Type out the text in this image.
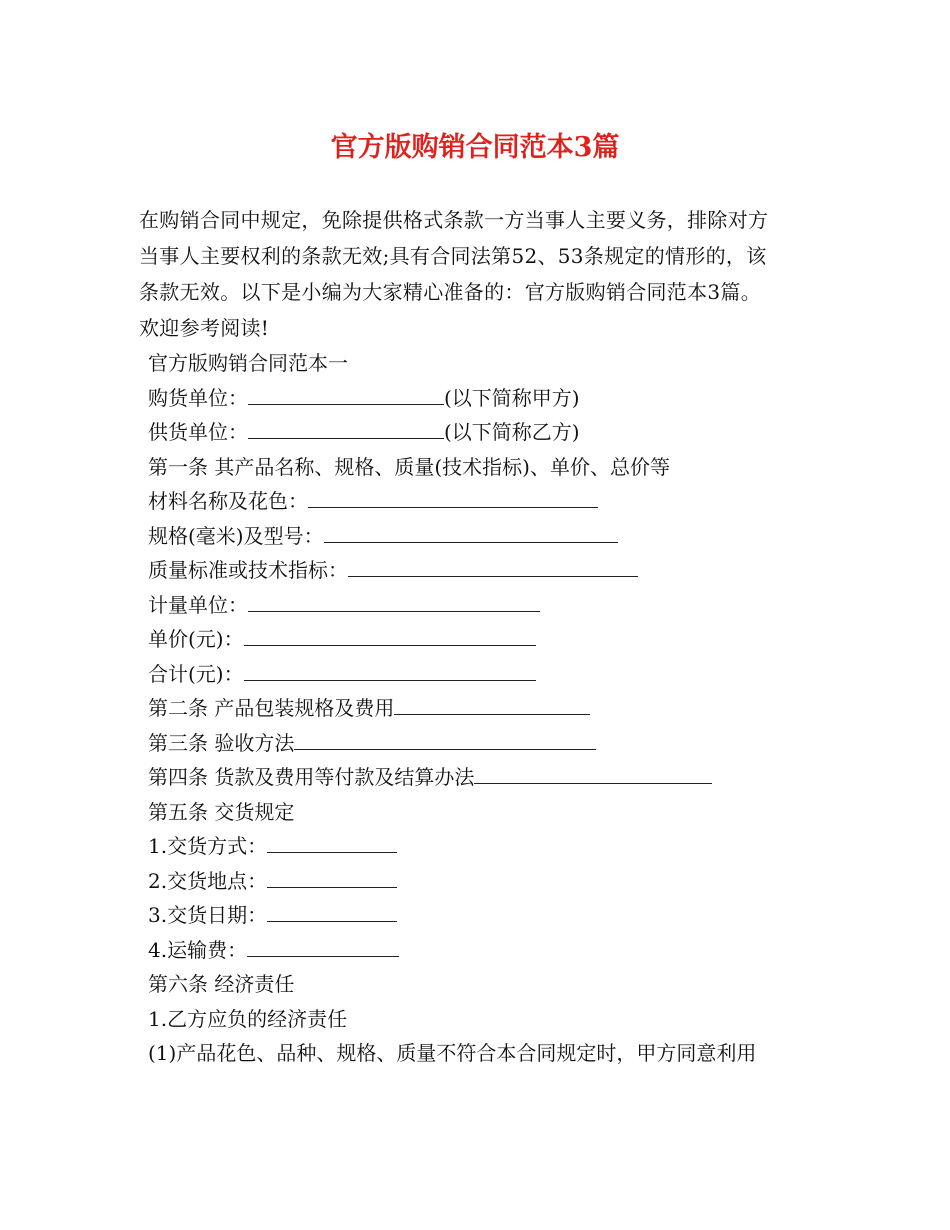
官方版购销合同范本3篇

在购销合同中规定，免除提供格式条款一方当事人主要义务，排除对方

当事人主要权利的条款无效;具有合同法第52、53条规定的情形的，该

条款无效。以下是小编为大家精心准备的：官方版购销合同范本3篇。

欢迎参考阅读!

官方版购销合同范本一
购货单位：	(以下简称甲方)
供货单位：	(以下简称乙方)
第一条 其产品名称、规格、质量(技术指标)、单价、总价等
材料名称及花色：
规格(毫米)及型号：
质量标准或技术指标：
计量单位：
单价(元)：
合计(元)：
第二条 产品包装规格及费用
第三条 验收方法
第四条 货款及费用等付款及结算办法
第五条 交货规定
1.交货方式：
2.交货地点：
3.交货日期：
4.运输费：
第六条 经济责任
1.乙方应负的经济责任
(1)产品花色、品种、规格、质量不符合本合同规定时，甲方同意利用
